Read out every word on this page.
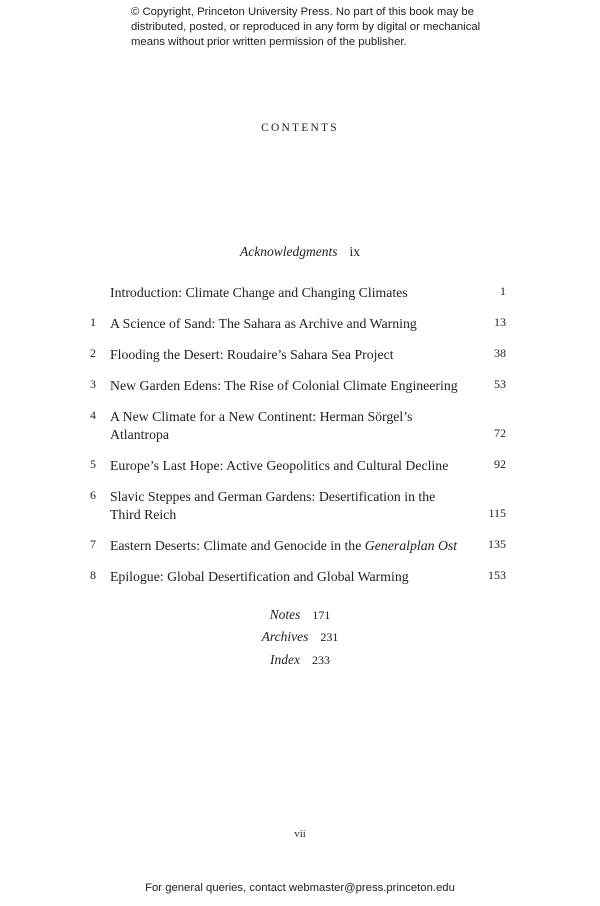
© Copyright, Princeton University Press. No part of this book may be
distributed, posted, or reproduced in any form by digital or mechanical
means without prior written permission of the publisher.
CONTENTS
Acknowledgments ix
Introduction: Climate Change and Changing Climates	1
1 A Science of Sand: The Sahara as Archive and Warning	13
2 Flooding the Desert: Roudaire’s Sahara Sea Project	38
3 New Garden Edens: The Rise of Colonial Climate Engineering	53
4 A New Climate for a New Continent: Herman Sörgel’s
Atlantropa	72
5 Europe’s Last Hope: Active Geopolitics and Cultural Decline	92
6 Slavic Steppes and German Gardens: Desertification in the
Third Reich	115
7 Eastern Deserts: Climate and Genocide in the Generalplan Ost	135
8 Epilogue: Global Desertification and Global Warming	153
Notes 171
Archives 231
Index 233
vii
For general queries, contact webmaster@press.princeton.edu
